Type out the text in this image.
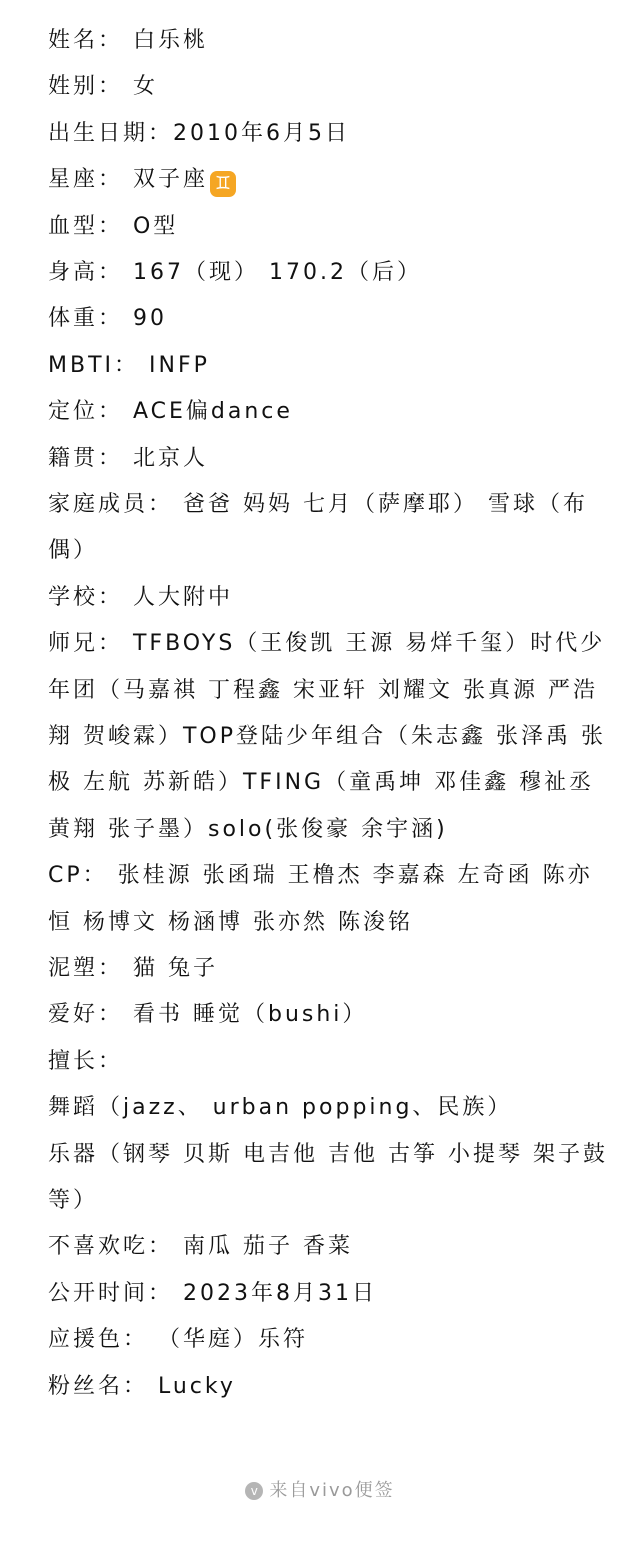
姓名： 白乐桃
姓别： 女
出生日期：2010年6月5日
星座： 双子座 ♊
血型： O型
身高： 167（现） 170.2（后）
体重： 90
MBTI： INFP
定位： ACE偏dance
籍贯： 北京人
家庭成员： 爸爸 妈妈 七月（萨摩耶） 雪球（布偶）
学校： 人大附中
师兄： TFBOYS（王俊凯 王源 易烊千玺）时代少年团（马嘉祺 丁程鑫 宋亚轩 刘耀文 张真源 严浩翔 贺峻霖）TOP登陆少年组合（朱志鑫 张泽禹 张极 左航 苏新皓）TFING（童禹坤 邓佳鑫 穆祉丞 黄翔 张子墨）solo(张俊豪 余宇涵)
CP： 张桂源 张函瑞 王橹杰 李嘉森 左奇函 陈亦恒 杨博文 杨涵博 张亦然 陈浚铭
泥塑： 猫 兔子
爱好： 看书 睡觉（bushi）
擅长：
舞蹈（jazz、 urban popping、民族）
乐器（钢琴 贝斯 电吉他 吉他 古筝 小提琴 架子鼓等）
不喜欢吃： 南瓜 茄子 香菜
公开时间： 2023年8月31日
应援色： （华庭）乐符
粉丝名： Lucky
v 来自vivo便签
